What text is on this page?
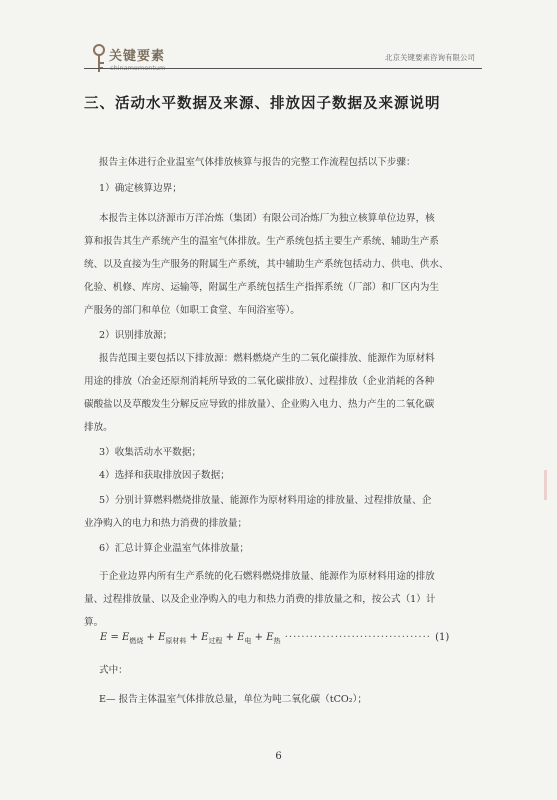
关键要素
chinamomentum
北京关键要素咨询有限公司
三、活动水平数据及来源、排放因子数据及来源说明
报告主体进行企业温室气体排放核算与报告的完整工作流程包括以下步骤：
1）确定核算边界；
本报告主体以济源市万洋冶炼（集团）有限公司冶炼厂为独立核算单位边界，核
算和报告其生产系统产生的温室气体排放。生产系统包括主要生产系统、辅助生产系
统、以及直接为生产服务的附属生产系统，其中辅助生产系统包括动力、供电、供水、
化验、机修、库房、运输等，附属生产系统包括生产指挥系统（厂部）和厂区内为生
产服务的部门和单位（如职工食堂、车间浴室等）。
2）识别排放源；
报告范围主要包括以下排放源：燃料燃烧产生的二氧化碳排放、能源作为原材料
用途的排放（冶金还原剂消耗所导致的二氧化碳排放）、过程排放（企业消耗的各种
碳酸盐以及草酸发生分解反应导致的排放量）、企业购入电力、热力产生的二氧化碳
排放。
3）收集活动水平数据；
4）选择和获取排放因子数据；
5）分别计算燃料燃烧排放量、能源作为原材料用途的排放量、过程排放量、企
业净购入的电力和热力消费的排放量；
6）汇总计算企业温室气体排放量；
于企业边界内所有生产系统的化石燃料燃烧排放量、能源作为原材料用途的排放
量、过程排放量、以及企业净购入的电力和热力消费的排放量之和，按公式（1）计
算。
$E = E_{燃烧} + E_{原材料} + E_{过程} + E_电 + E_热$ ··································· (1)
式中：
E— 报告主体温室气体排放总量，单位为吨二氧化碳（tCO₂）；
6
